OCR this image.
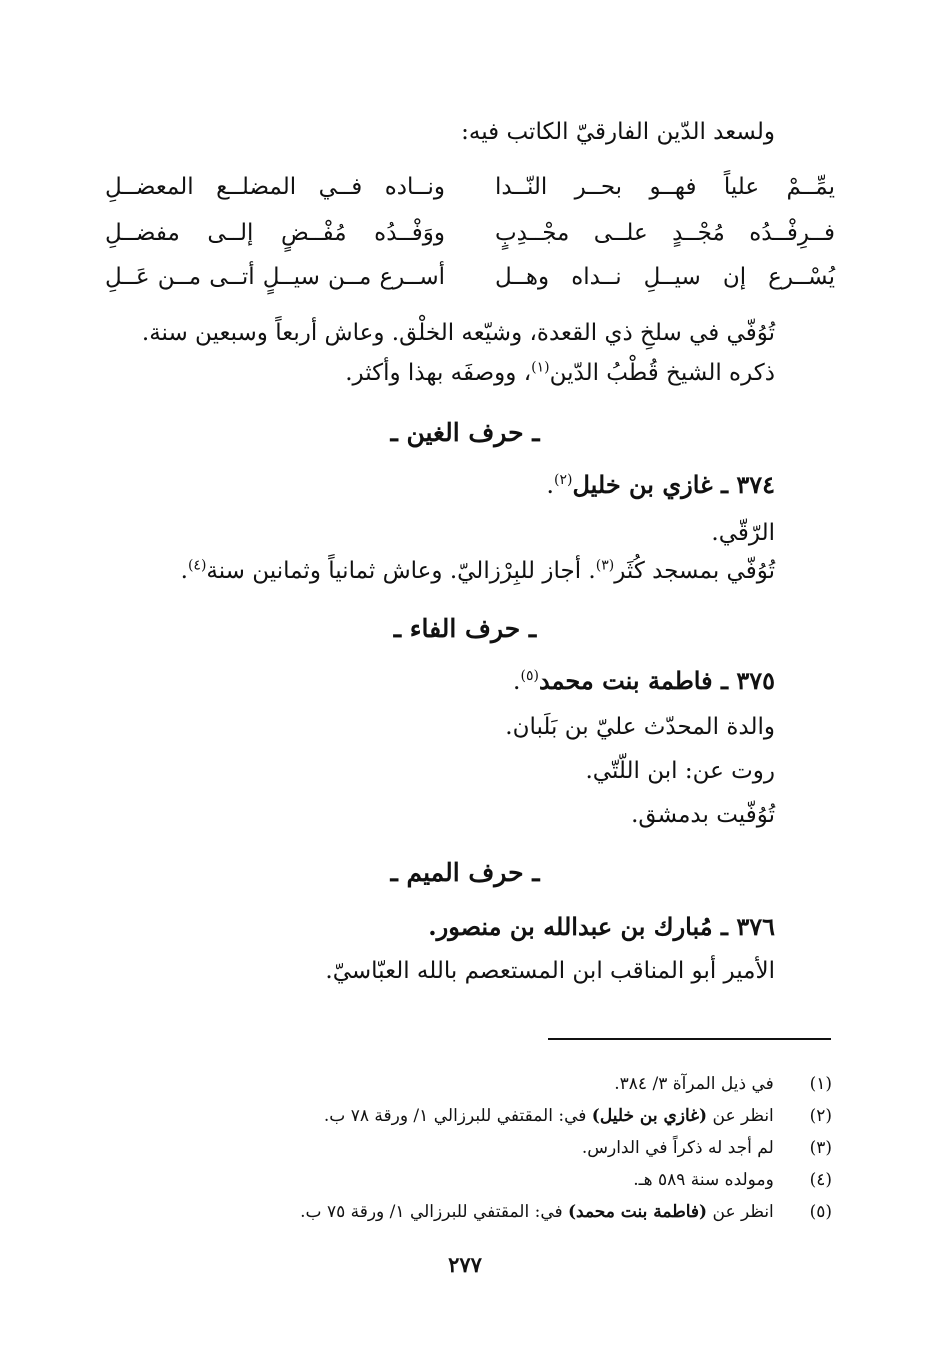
ولسعد الدّين الفارقيّ الكاتب فيه:
يمِّــمْ علياً فهــو بحــر النّــدا
ونــاده فــي المضلــع المعضــلِ
فــرِفْــدُه مُجْــدٍ علــى مجْــدِبٍ
ووَفْــدُه مُفْــضٍ إلــى مفضــلِ
يُسْــرع إن سيــلِ نــداه وهــل
أســرع مــن سيــلٍ أتــى مــن عَــلِ
تُوُفّي في سلخِ ذي القعدة، وشيّعه الخلْق. وعاش أربعاً وسبعين سنة.
ذكره الشيخ قُطْبُ الدّين$^{(١)}$، ووصفَه بهذا وأكثر.
ـ حرف الغين ـ
٣٧٤ ـ غازي بن خليل$^{(٢)}$.
الرّقّي.
تُوُفّي بمسجد كُثَر$^{(٣)}$. أجاز للبِرْزاليّ. وعاش ثمانياً وثمانين سنة$^{(٤)}$.
ـ حرف الفاء ـ
٣٧٥ ـ فاطمة بنت محمد$^{(٥)}$.
والدة المحدّث عليّ بن بَلَبان.
روت عن: ابن اللّتّي.
تُوُفّيت بدمشق.
ـ حرف الميم ـ
٣٧٦ ـ مُبارك بن عبدالله بن منصور.
الأمير أبو المناقب ابن المستعصم بالله العبّاسيّ.
(١)   في ذيل المرآة ٣/ ٣٨٤.
(٢)   انظر عن (غازي بن خليل) في: المقتفي للبرزالي ١/ ورقة ٧٨ ب.
(٣)   لم أجد له ذكراً في الدارس.
(٤)   ومولده سنة ٥٨٩ هـ.
(٥)   انظر عن (فاطمة بنت محمد) في: المقتفي للبرزالي ١/ ورقة ٧٥ ب.
٢٧٧
